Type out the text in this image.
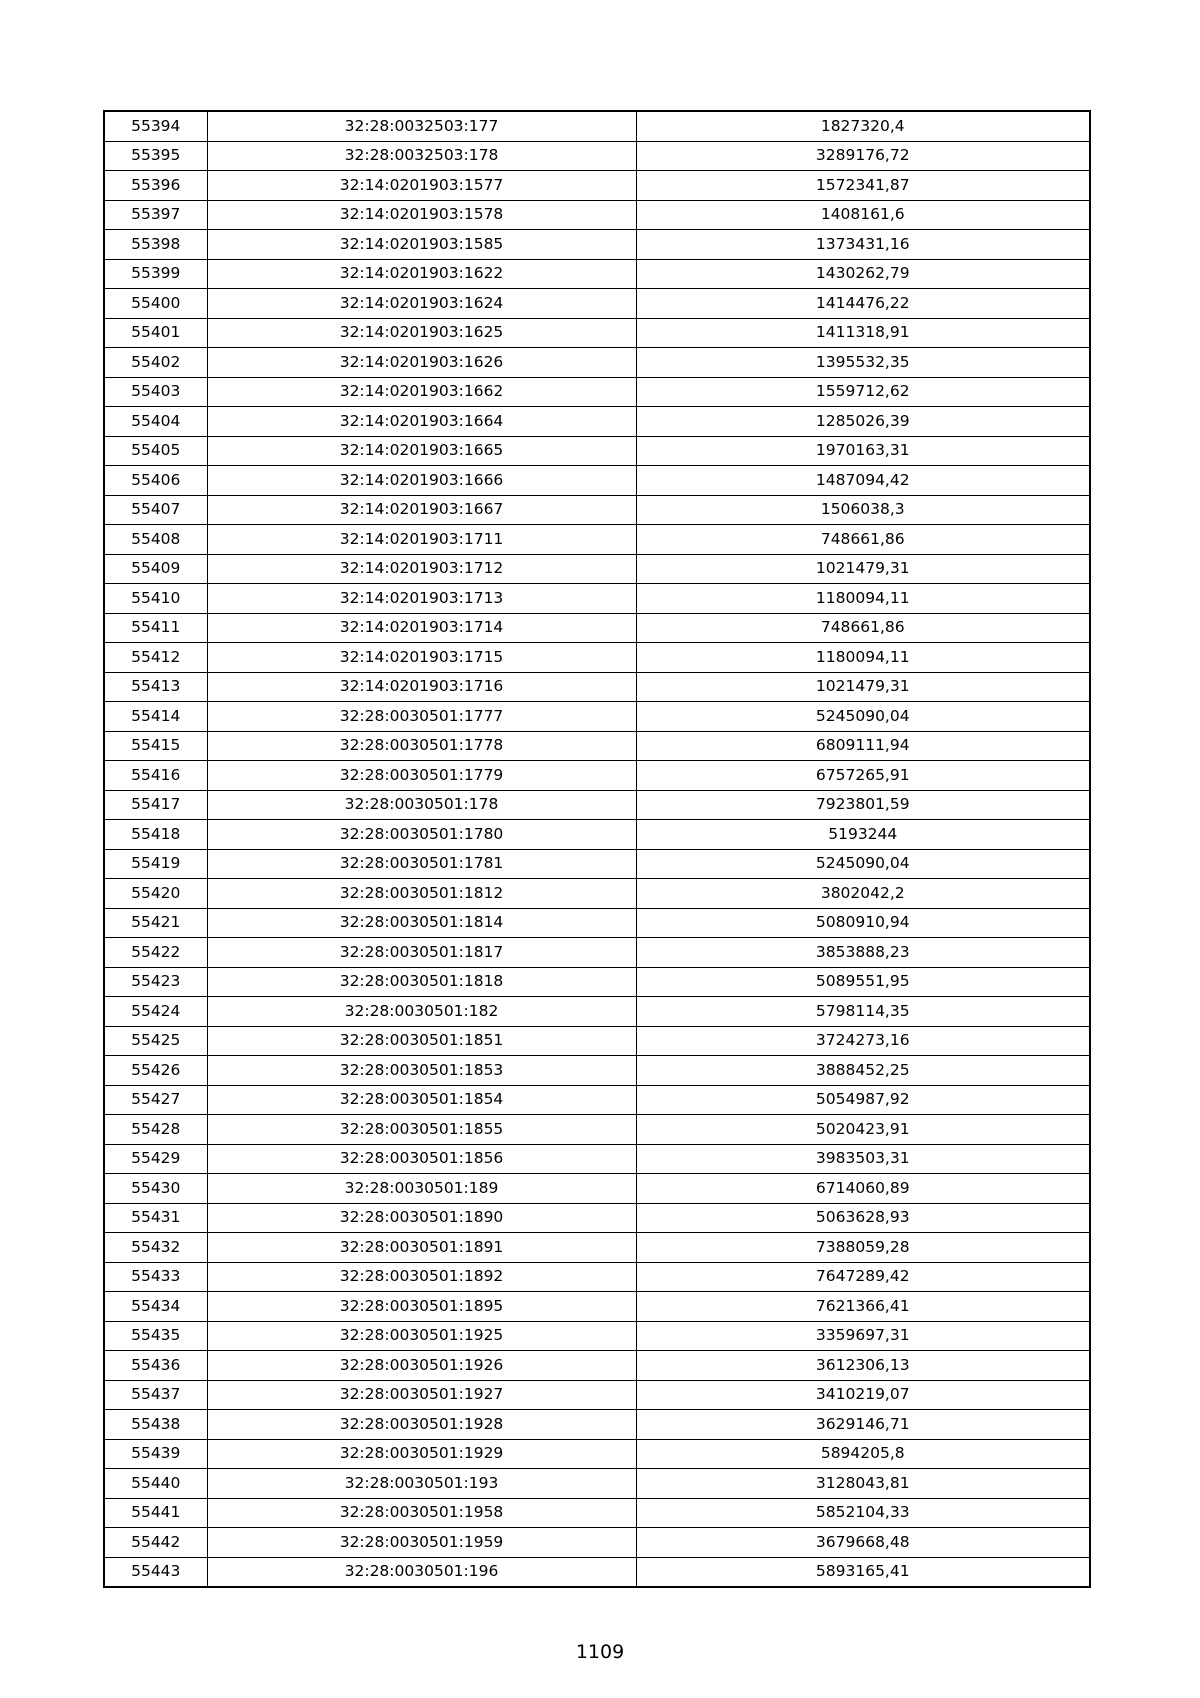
55394	32:28:0032503:177	1827320,4
55395	32:28:0032503:178	3289176,72
55396	32:14:0201903:1577	1572341,87
55397	32:14:0201903:1578	1408161,6
55398	32:14:0201903:1585	1373431,16
55399	32:14:0201903:1622	1430262,79
55400	32:14:0201903:1624	1414476,22
55401	32:14:0201903:1625	1411318,91
55402	32:14:0201903:1626	1395532,35
55403	32:14:0201903:1662	1559712,62
55404	32:14:0201903:1664	1285026,39
55405	32:14:0201903:1665	1970163,31
55406	32:14:0201903:1666	1487094,42
55407	32:14:0201903:1667	1506038,3
55408	32:14:0201903:1711	748661,86
55409	32:14:0201903:1712	1021479,31
55410	32:14:0201903:1713	1180094,11
55411	32:14:0201903:1714	748661,86
55412	32:14:0201903:1715	1180094,11
55413	32:14:0201903:1716	1021479,31
55414	32:28:0030501:1777	5245090,04
55415	32:28:0030501:1778	6809111,94
55416	32:28:0030501:1779	6757265,91
55417	32:28:0030501:178	7923801,59
55418	32:28:0030501:1780	5193244
55419	32:28:0030501:1781	5245090,04
55420	32:28:0030501:1812	3802042,2
55421	32:28:0030501:1814	5080910,94
55422	32:28:0030501:1817	3853888,23
55423	32:28:0030501:1818	5089551,95
55424	32:28:0030501:182	5798114,35
55425	32:28:0030501:1851	3724273,16
55426	32:28:0030501:1853	3888452,25
55427	32:28:0030501:1854	5054987,92
55428	32:28:0030501:1855	5020423,91
55429	32:28:0030501:1856	3983503,31
55430	32:28:0030501:189	6714060,89
55431	32:28:0030501:1890	5063628,93
55432	32:28:0030501:1891	7388059,28
55433	32:28:0030501:1892	7647289,42
55434	32:28:0030501:1895	7621366,41
55435	32:28:0030501:1925	3359697,31
55436	32:28:0030501:1926	3612306,13
55437	32:28:0030501:1927	3410219,07
55438	32:28:0030501:1928	3629146,71
55439	32:28:0030501:1929	5894205,8
55440	32:28:0030501:193	3128043,81
55441	32:28:0030501:1958	5852104,33
55442	32:28:0030501:1959	3679668,48
55443	32:28:0030501:196	5893165,41
1109
